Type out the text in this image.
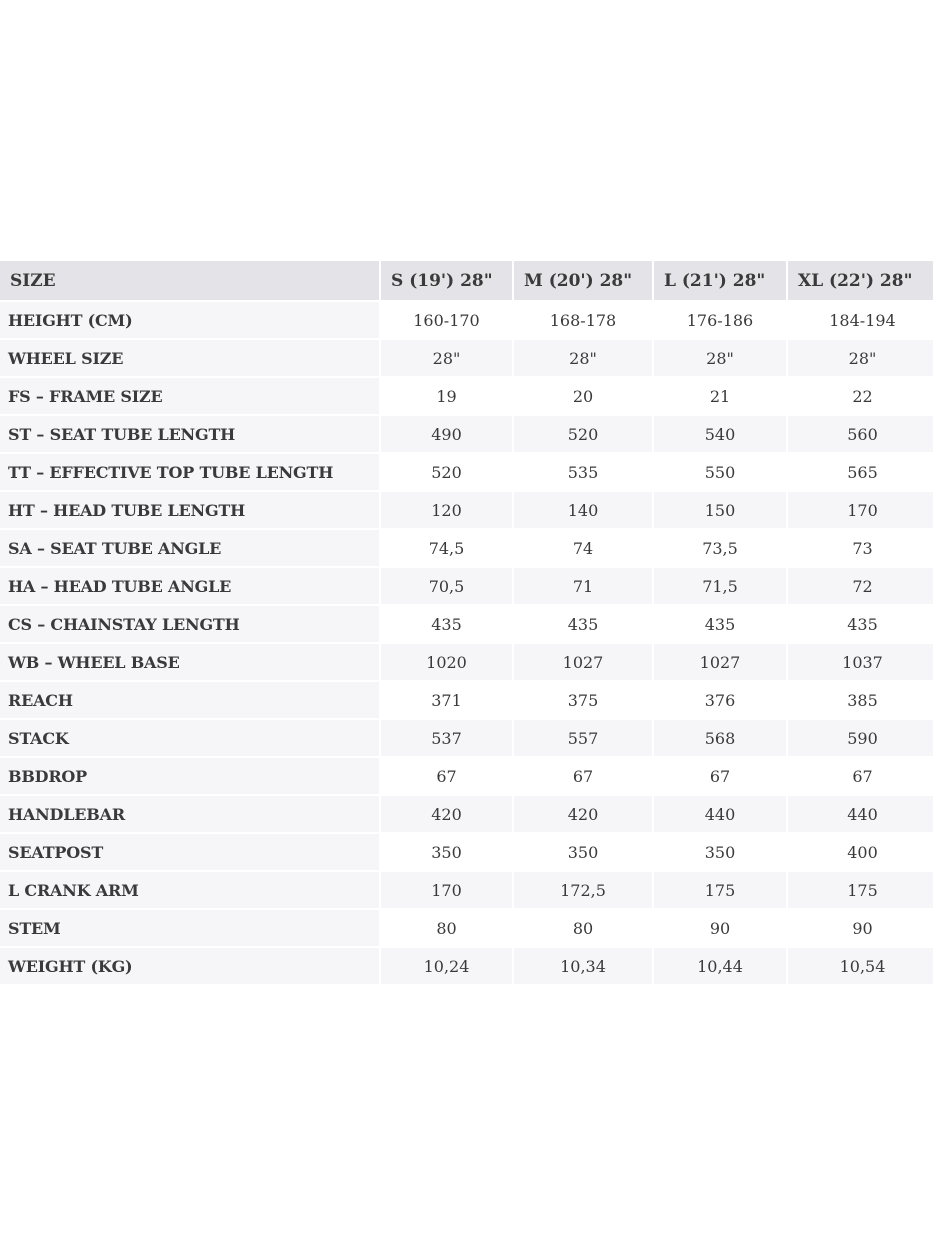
SIZE	S (19') 28"	M (20') 28"	L (21') 28"	XL (22') 28"
HEIGHT (CM)	160-170	168-178	176-186	184-194
WHEEL SIZE	28"	28"	28"	28"
FS – FRAME SIZE	19	20	21	22
ST – SEAT TUBE LENGTH	490	520	540	560
TT – EFFECTIVE TOP TUBE LENGTH	520	535	550	565
HT – HEAD TUBE LENGTH	120	140	150	170
SA – SEAT TUBE ANGLE	74,5	74	73,5	73
HA – HEAD TUBE ANGLE	70,5	71	71,5	72
CS – CHAINSTAY LENGTH	435	435	435	435
WB – WHEEL BASE	1020	1027	1027	1037
REACH	371	375	376	385
STACK	537	557	568	590
BBDROP	67	67	67	67
HANDLEBAR	420	420	440	440
SEATPOST	350	350	350	400
L CRANK ARM	170	172,5	175	175
STEM	80	80	90	90
WEIGHT (KG)	10,24	10,34	10,44	10,54
